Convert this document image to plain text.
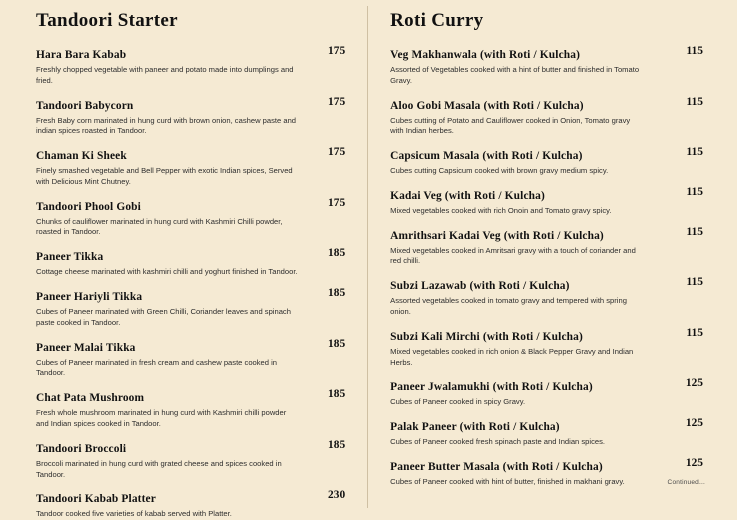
Tandoori Starter
Hara Bara Kabab	175
Freshly chopped vegetable with paneer and potato made into dumplings and fried.
Tandoori Babycorn	175
Fresh Baby corn marinated in hung curd with brown onion, cashew paste and indian spices roasted in Tandoor.
Chaman Ki Sheek	175
Finely smashed vegetable and Bell Pepper with exotic Indian spices, Served with Delicious Mint Chutney.
Tandoori Phool Gobi	175
Chunks of cauliflower marinated in hung curd with Kashmiri Chilli powder, roasted in Tandoor.
Paneer Tikka	185
Cottage cheese marinated with kashmiri chilli and yoghurt finished in Tandoor.
Paneer Hariyli Tikka	185
Cubes of Paneer marinated with Green Chilli, Coriander leaves and spinach paste cooked in Tandoor.
Paneer Malai Tikka	185
Cubes of Paneer marinated in fresh cream and cashew paste cooked in Tandoor.
Chat Pata Mushroom	185
Fresh whole mushroom marinated in hung curd with Kashmiri chilli powder and Indian spices cooked in Tandoor.
Tandoori Broccoli	185
Broccoli marinated in hung curd with grated cheese and spices cooked in Tandoor.
Tandoori Kabab Platter	230
Tandoor cooked five varieties of kabab served with Platter.
Roti Curry
Veg Makhanwala (with Roti / Kulcha)	115
Assorted of Vegetables cooked with a hint of butter and finished in Tomato Gravy.
Aloo Gobi Masala (with Roti / Kulcha)	115
Cubes cutting of Potato and Cauliflower cooked in Onion, Tomato gravy with Indian herbes.
Capsicum Masala (with Roti / Kulcha)	115
Cubes cutting Capsicum cooked with brown gravy medium spicy.
Kadai Veg (with Roti / Kulcha)	115
Mixed vegetables cooked with rich Onoin and Tomato gravy spicy.
Amrithsari Kadai Veg (with Roti / Kulcha)	115
Mixed vegetables cooked in Amritsari gravy with a touch of coriander and red chilli.
Subzi Lazawab (with Roti / Kulcha)	115
Assorted vegetables cooked in tomato gravy and tempered with spring onion.
Subzi Kali Mirchi (with Roti / Kulcha)	115
Mixed vegetables cooked in rich onion & Black Pepper Gravy and Indian Herbs.
Paneer Jwalamukhi (with Roti / Kulcha)	125
Cubes of Paneer cooked in spicy Gravy.
Palak Paneer (with Roti / Kulcha)	125
Cubes of Paneer cooked fresh spinach paste and Indian spices.
Paneer Butter Masala (with Roti / Kulcha)	125
Cubes of Paneer cooked with hint of butter, finished in makhani gravy.	Continued...
